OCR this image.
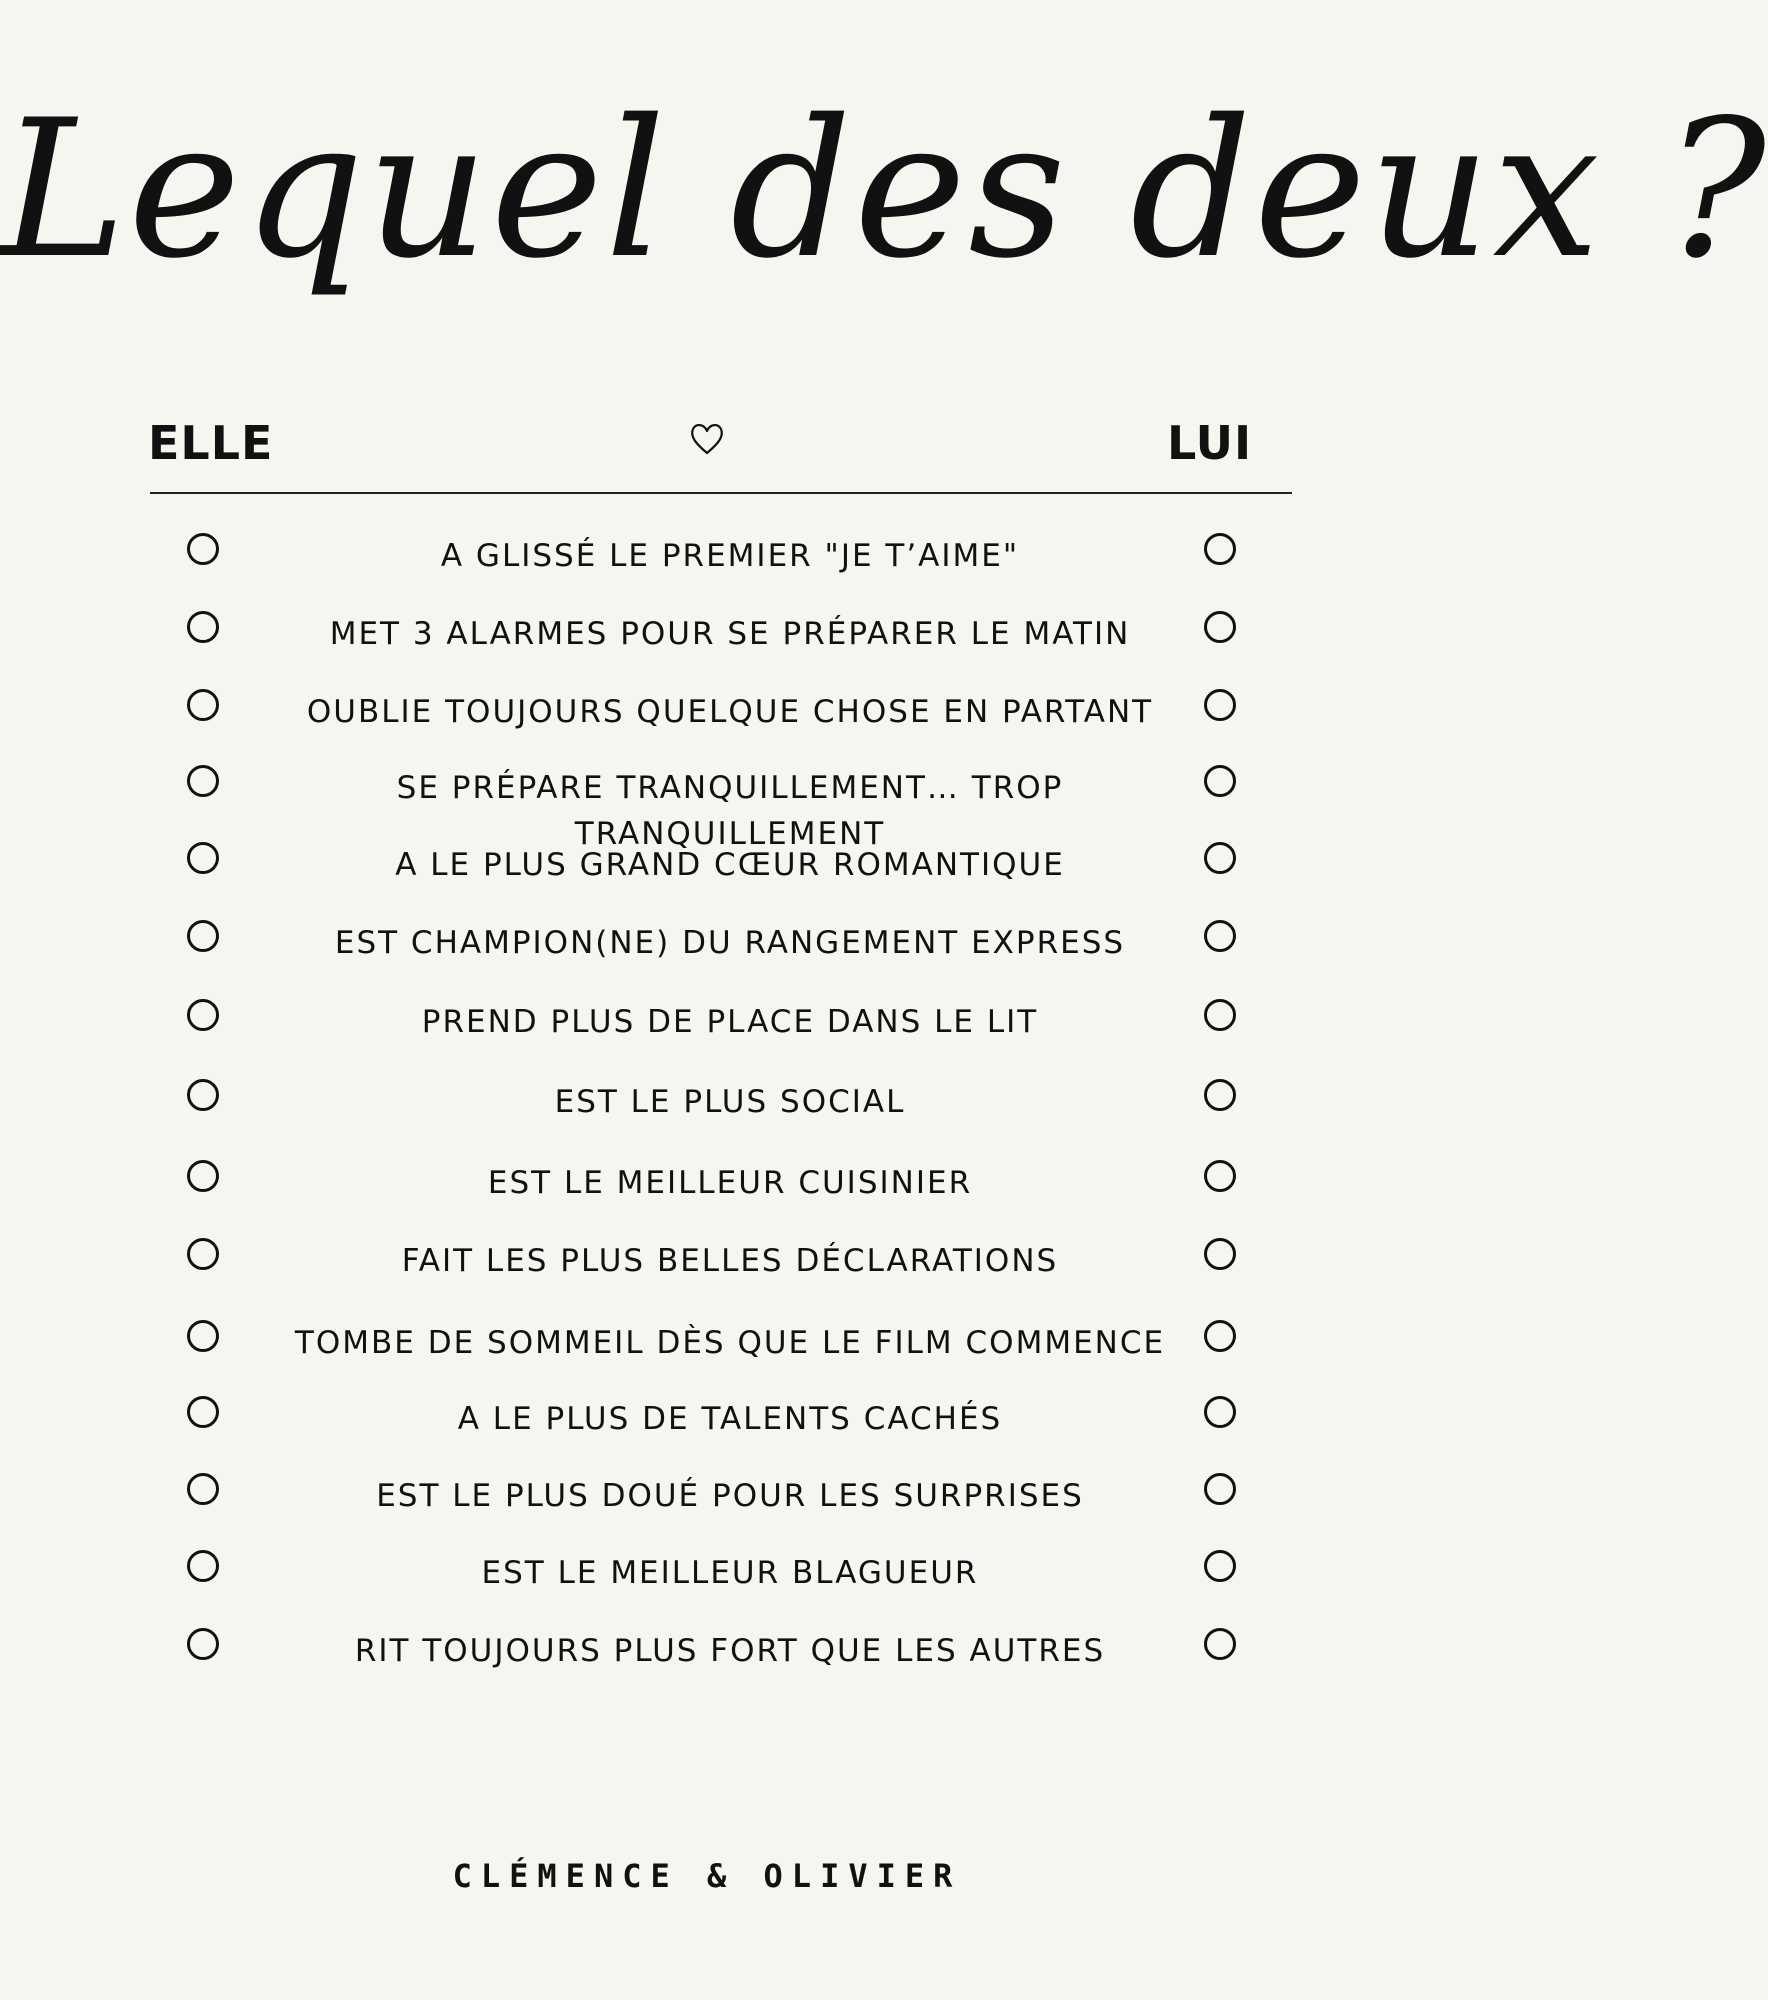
Lequel des deux ?
ELLE	LUI
A GLISSÉ LE PREMIER "JE T’AIME"
MET 3 ALARMES POUR SE PRÉPARER LE MATIN
OUBLIE TOUJOURS QUELQUE CHOSE EN PARTANT
SE PRÉPARE TRANQUILLEMENT… TROP TRANQUILLEMENT
A LE PLUS GRAND CŒUR ROMANTIQUE
EST CHAMPION(NE) DU RANGEMENT EXPRESS
PREND PLUS DE PLACE DANS LE LIT
EST LE PLUS SOCIAL
EST LE MEILLEUR CUISINIER
FAIT LES PLUS BELLES DÉCLARATIONS
TOMBE DE SOMMEIL DÈS QUE LE FILM COMMENCE
A LE PLUS DE TALENTS CACHÉS
EST LE PLUS DOUÉ POUR LES SURPRISES
EST LE MEILLEUR BLAGUEUR
RIT TOUJOURS PLUS FORT QUE LES AUTRES
CLÉMENCE & OLIVIER
